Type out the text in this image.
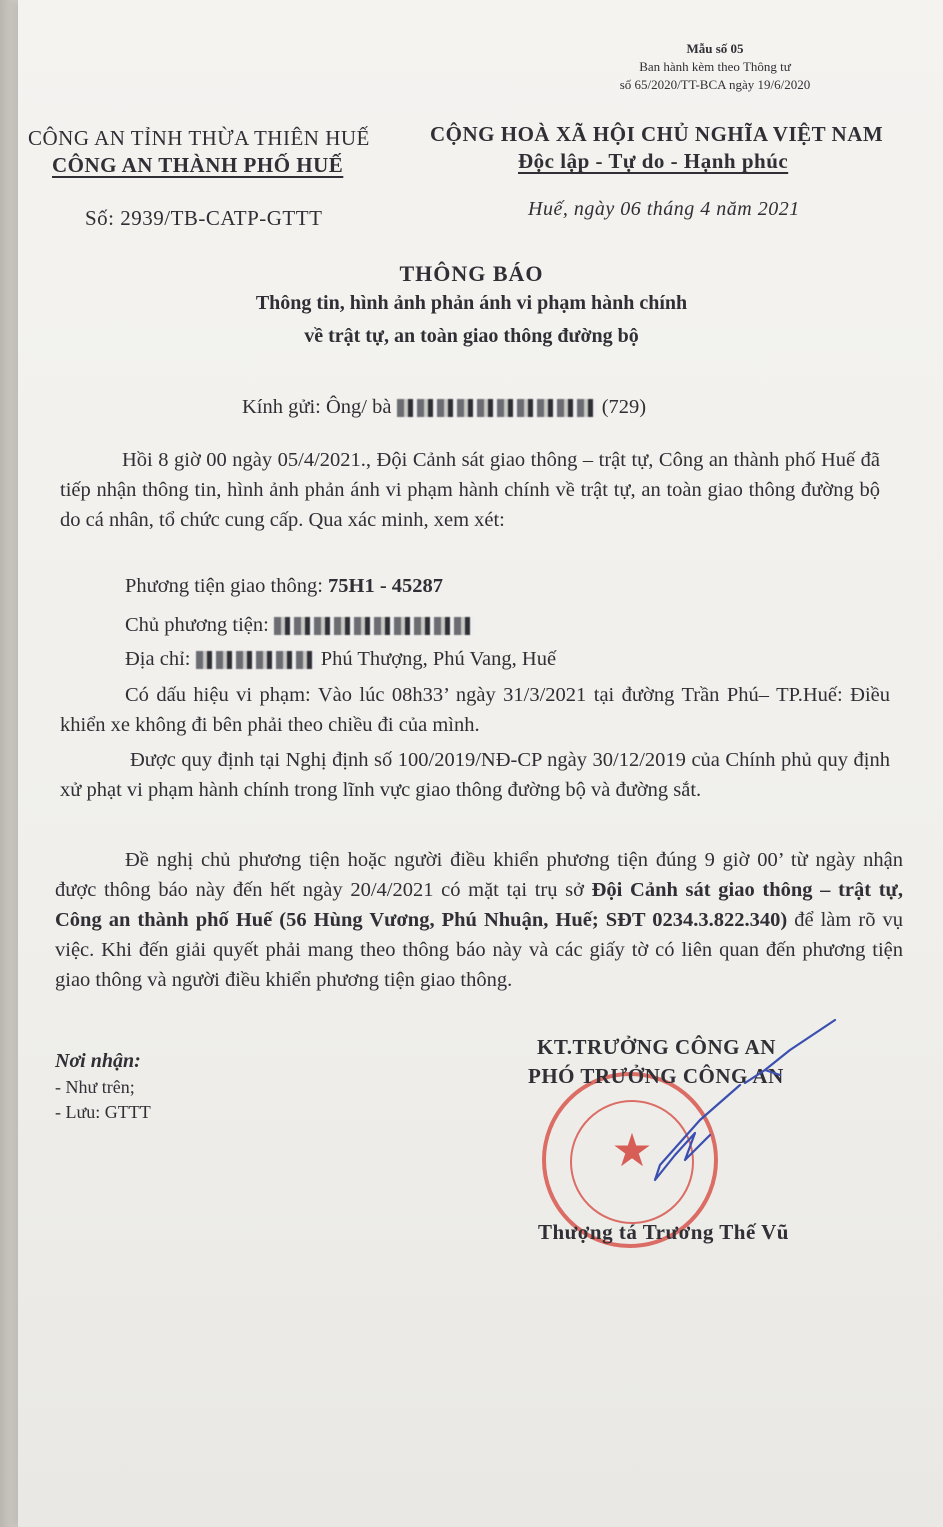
Mẫu số 05
Ban hành kèm theo Thông tư
số 65/2020/TT-BCA ngày 19/6/2020
CÔNG AN TỈNH THỪA THIÊN HUẾ
CÔNG AN THÀNH PHỐ HUẾ
Số: 2939/TB-CATP-GTTT
CỘNG HOÀ XÃ HỘI CHỦ NGHĨA VIỆT NAM
Độc lập - Tự do - Hạnh phúc
Huế, ngày 06 tháng 4 năm 2021
THÔNG BÁO
Thông tin, hình ảnh phản ánh vi phạm hành chính
về trật tự, an toàn giao thông đường bộ
Kính gửi: Ông/ bà	(729)
Hồi 8 giờ 00 ngày 05/4/2021., Đội Cảnh sát giao thông – trật tự, Công an thành phố Huế đã tiếp nhận thông tin, hình ảnh phản ánh vi phạm hành chính về trật tự, an toàn giao thông đường bộ do cá nhân, tổ chức cung cấp. Qua xác minh, xem xét:
Phương tiện giao thông: 75H1 - 45287
Chủ phương tiện:
Địa chỉ:	Phú Thượng, Phú Vang, Huế
Có dấu hiệu vi phạm: Vào lúc 08h33’ ngày 31/3/2021 tại đường Trần Phú– TP.Huế: Điều khiển xe không đi bên phải theo chiều đi của mình.
Được quy định tại Nghị định số 100/2019/NĐ-CP ngày 30/12/2019 của Chính phủ quy định xử phạt vi phạm hành chính trong lĩnh vực giao thông đường bộ và đường sắt.
Đề nghị chủ phương tiện hoặc người điều khiển phương tiện đúng 9 giờ 00’ từ ngày nhận được thông báo này đến hết ngày 20/4/2021 có mặt tại trụ sở Đội Cảnh sát giao thông – trật tự, Công an thành phố Huế (56 Hùng Vương, Phú Nhuận, Huế; SĐT 0234.3.822.340) để làm rõ vụ việc. Khi đến giải quyết phải mang theo thông báo này và các giấy tờ có liên quan đến phương tiện giao thông và người điều khiển phương tiện giao thông.
Nơi nhận:
- Như trên;
- Lưu: GTTT
★
KT.TRƯỞNG CÔNG AN
PHÓ TRƯỞNG CÔNG AN
Thượng tá Trương Thế Vũ
